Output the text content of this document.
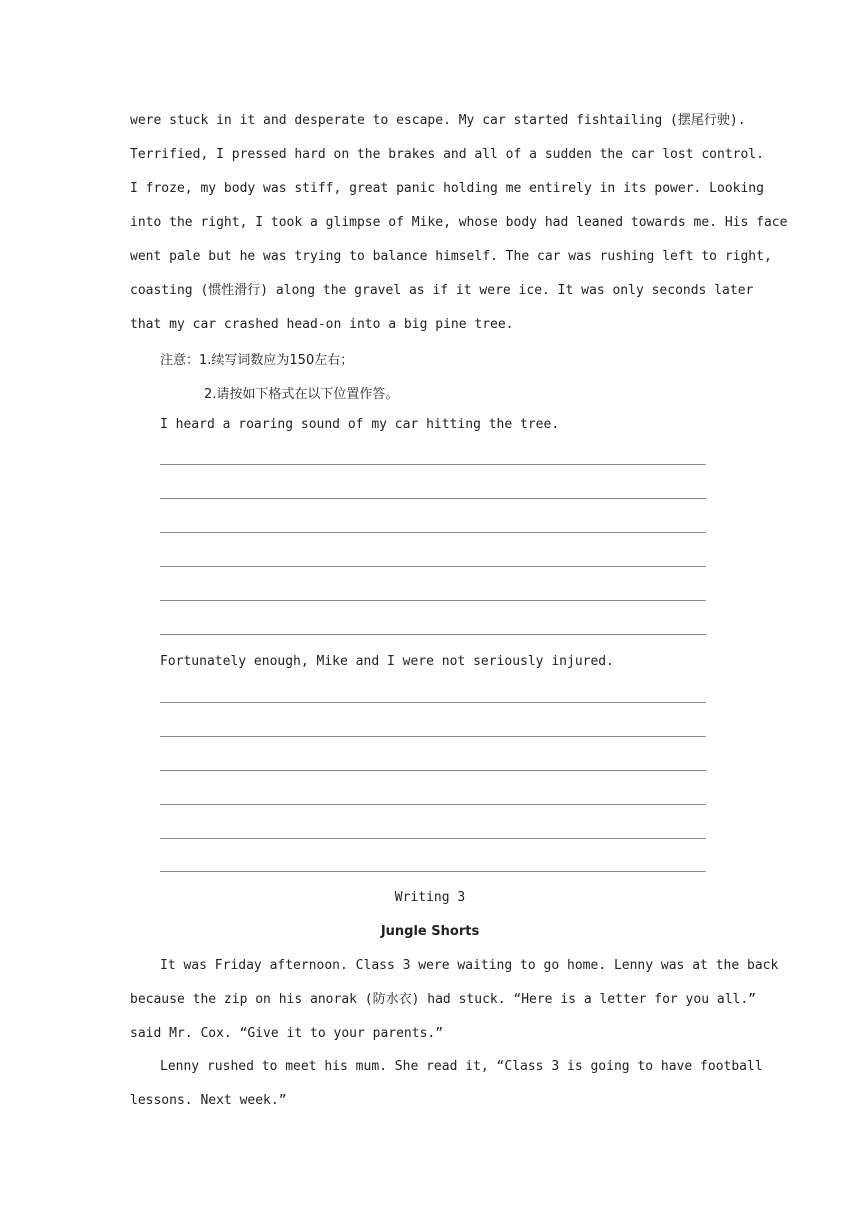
were stuck in it and desperate to escape. My car started fishtailing (摆尾行驶).
Terrified, I pressed hard on the brakes and all of a sudden the car lost control.
I froze, my body was stiff, great panic holding me entirely in its power. Looking
into the right, I took a glimpse of Mike, whose body had leaned towards me. His face
went pale but he was trying to balance himself. The car was rushing left to right,
coasting (惯性滑行) along the gravel as if it were ice. It was only seconds later
that my car crashed head-on into a big pine tree.
注意：1.续写词数应为150左右；
2.请按如下格式在以下位置作答。
I heard a roaring sound of my car hitting the tree.
Fortunately enough, Mike and I were not seriously injured.
Writing 3
Jungle Shorts
It was Friday afternoon. Class 3 were waiting to go home. Lenny was at the back
because the zip on his anorak (防水衣) had stuck. “Here is a letter for you all.”
said Mr. Cox. “Give it to your parents.”
Lenny rushed to meet his mum. She read it, “Class 3 is going to have football
lessons. Next week.”
